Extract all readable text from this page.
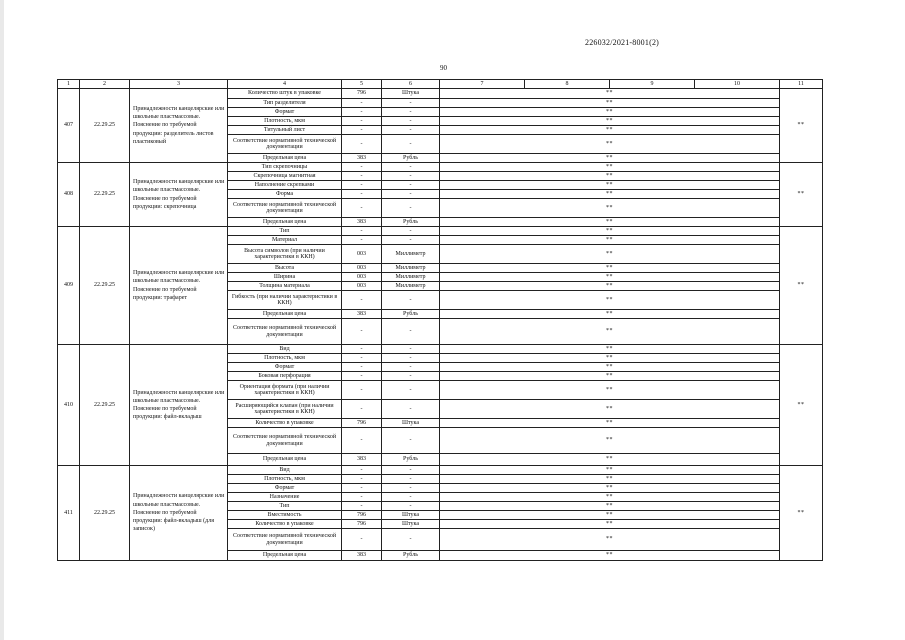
226032/2021-8001(2)
90
1	2	3	4	5	6	7	8	9	10	11
407	22.29.25	Принадлежности канцелярские или школьные пластмассовые. Пояснение по требуемой продукции: разделитель листов пластиковый	Количество штук в упаковке	796	Штука	**				**
			Тип разделителя	-	-	**				
			Формат	-	-	**				
			Плотность, мкм	-	-	**				
			Титульный лист	-	-	**				
			Соответствие нормативной технической документации	-	-	**				
			Предельная цена	383	Рубль	**				
408	22.29.25	Принадлежности канцелярские или школьные пластмассовые. Пояснение по требуемой продукции: скрепочница	Тип скрепочницы	-	-	**				**
			Скрепочница магнитная	-	-	**				
			Наполнение скрепками	-	-	**				
			Форма	-	-	**				
			Соответствие нормативной технической документации	-	-	**				
			Предельная цена	383	Рубль	**				
409	22.29.25	Принадлежности канцелярские или школьные пластмассовые. Пояснение по требуемой продукции: трафарет	Тип	-	-	**				**
			Материал	-	-	**				
			Высота символов (при наличии характеристики в ККН)	003	Миллиметр	**				
			Высота	003	Миллиметр	**				
			Ширина	003	Миллиметр	**				
			Толщина материала	003	Миллиметр	**				
			Гибкость (при наличии характеристики в ККН)	-	-	**				
			Предельная цена	383	Рубль	**				
			Соответствие нормативной технической документации	-	-	**				
410	22.29.25	Принадлежности канцелярские или школьные пластмассовые. Пояснение по требуемой продукции: файл-вкладыш	Вид	-	-	**				**
			Плотность, мкм	-	-	**				
			Формат	-	-	**				
			Боковая перфорация	-	-	**				
			Ориентация формата (при наличии характеристики в ККН)	-	-	**				
			Расширяющийся клапан (при наличии характеристики в ККН)	-	-	**				
			Количество в упаковке	796	Штука	**				
			Соответствие нормативной технической документации	-	-	**				
			Предельная цена	383	Рубль	**				
411	22.29.25	Принадлежности канцелярские или школьные пластмассовые. Пояснение по требуемой продукции: файл-вкладыш (для записок)	Вид	-	-	**				**
			Плотность, мкм	-	-	**				
			Формат	-	-	**				
			Назначение	-	-	**				
			Тип	-	-	**				
			Вместимость	796	Штука	**				
			Количество в упаковке	796	Штука	**				
			Соответствие нормативной технической документации	-	-	**				
			Предельная цена	383	Рубль	**				
